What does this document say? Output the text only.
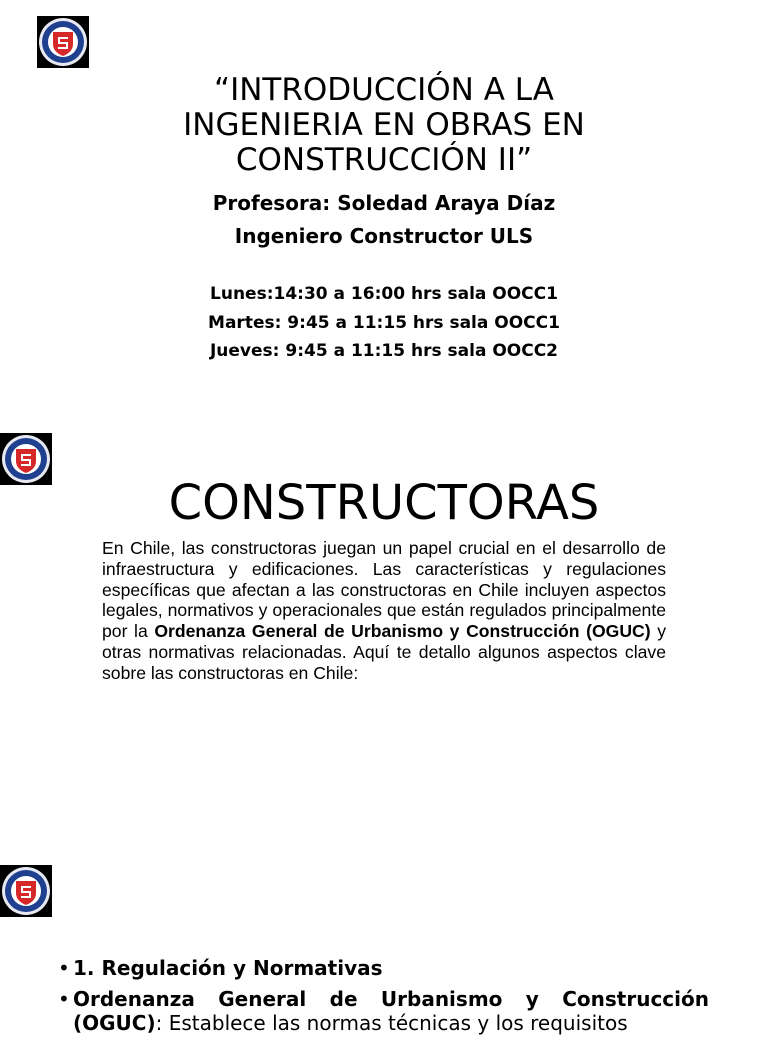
“INTRODUCCIÓN A LA
INGENIERIA EN OBRAS EN
CONSTRUCCIÓN II”

Profesora: Soledad Araya Díaz

Ingeniero Constructor ULS

Lunes:14:30 a 16:00 hrs sala OOCC1

Martes: 9:45 a 11:15 hrs sala OOCC1

Jueves: 9:45 a 11:15 hrs sala OOCC2

CONSTRUCTORAS

En Chile, las constructoras juegan un papel crucial en el desarrollo de infraestructura y edificaciones. Las características y regulaciones específicas que afectan a las constructoras en Chile incluyen aspectos legales, normativos y operacionales que están regulados principalmente por la Ordenanza General de Urbanismo y Construcción (OGUC) y otras normativas relacionadas. Aquí te detallo algunos aspectos clave sobre las constructoras en Chile:

• 1. Regulación y Normativas
• Ordenanza General de Urbanismo y Construcción (OGUC): Establece las normas técnicas y los requisitos
